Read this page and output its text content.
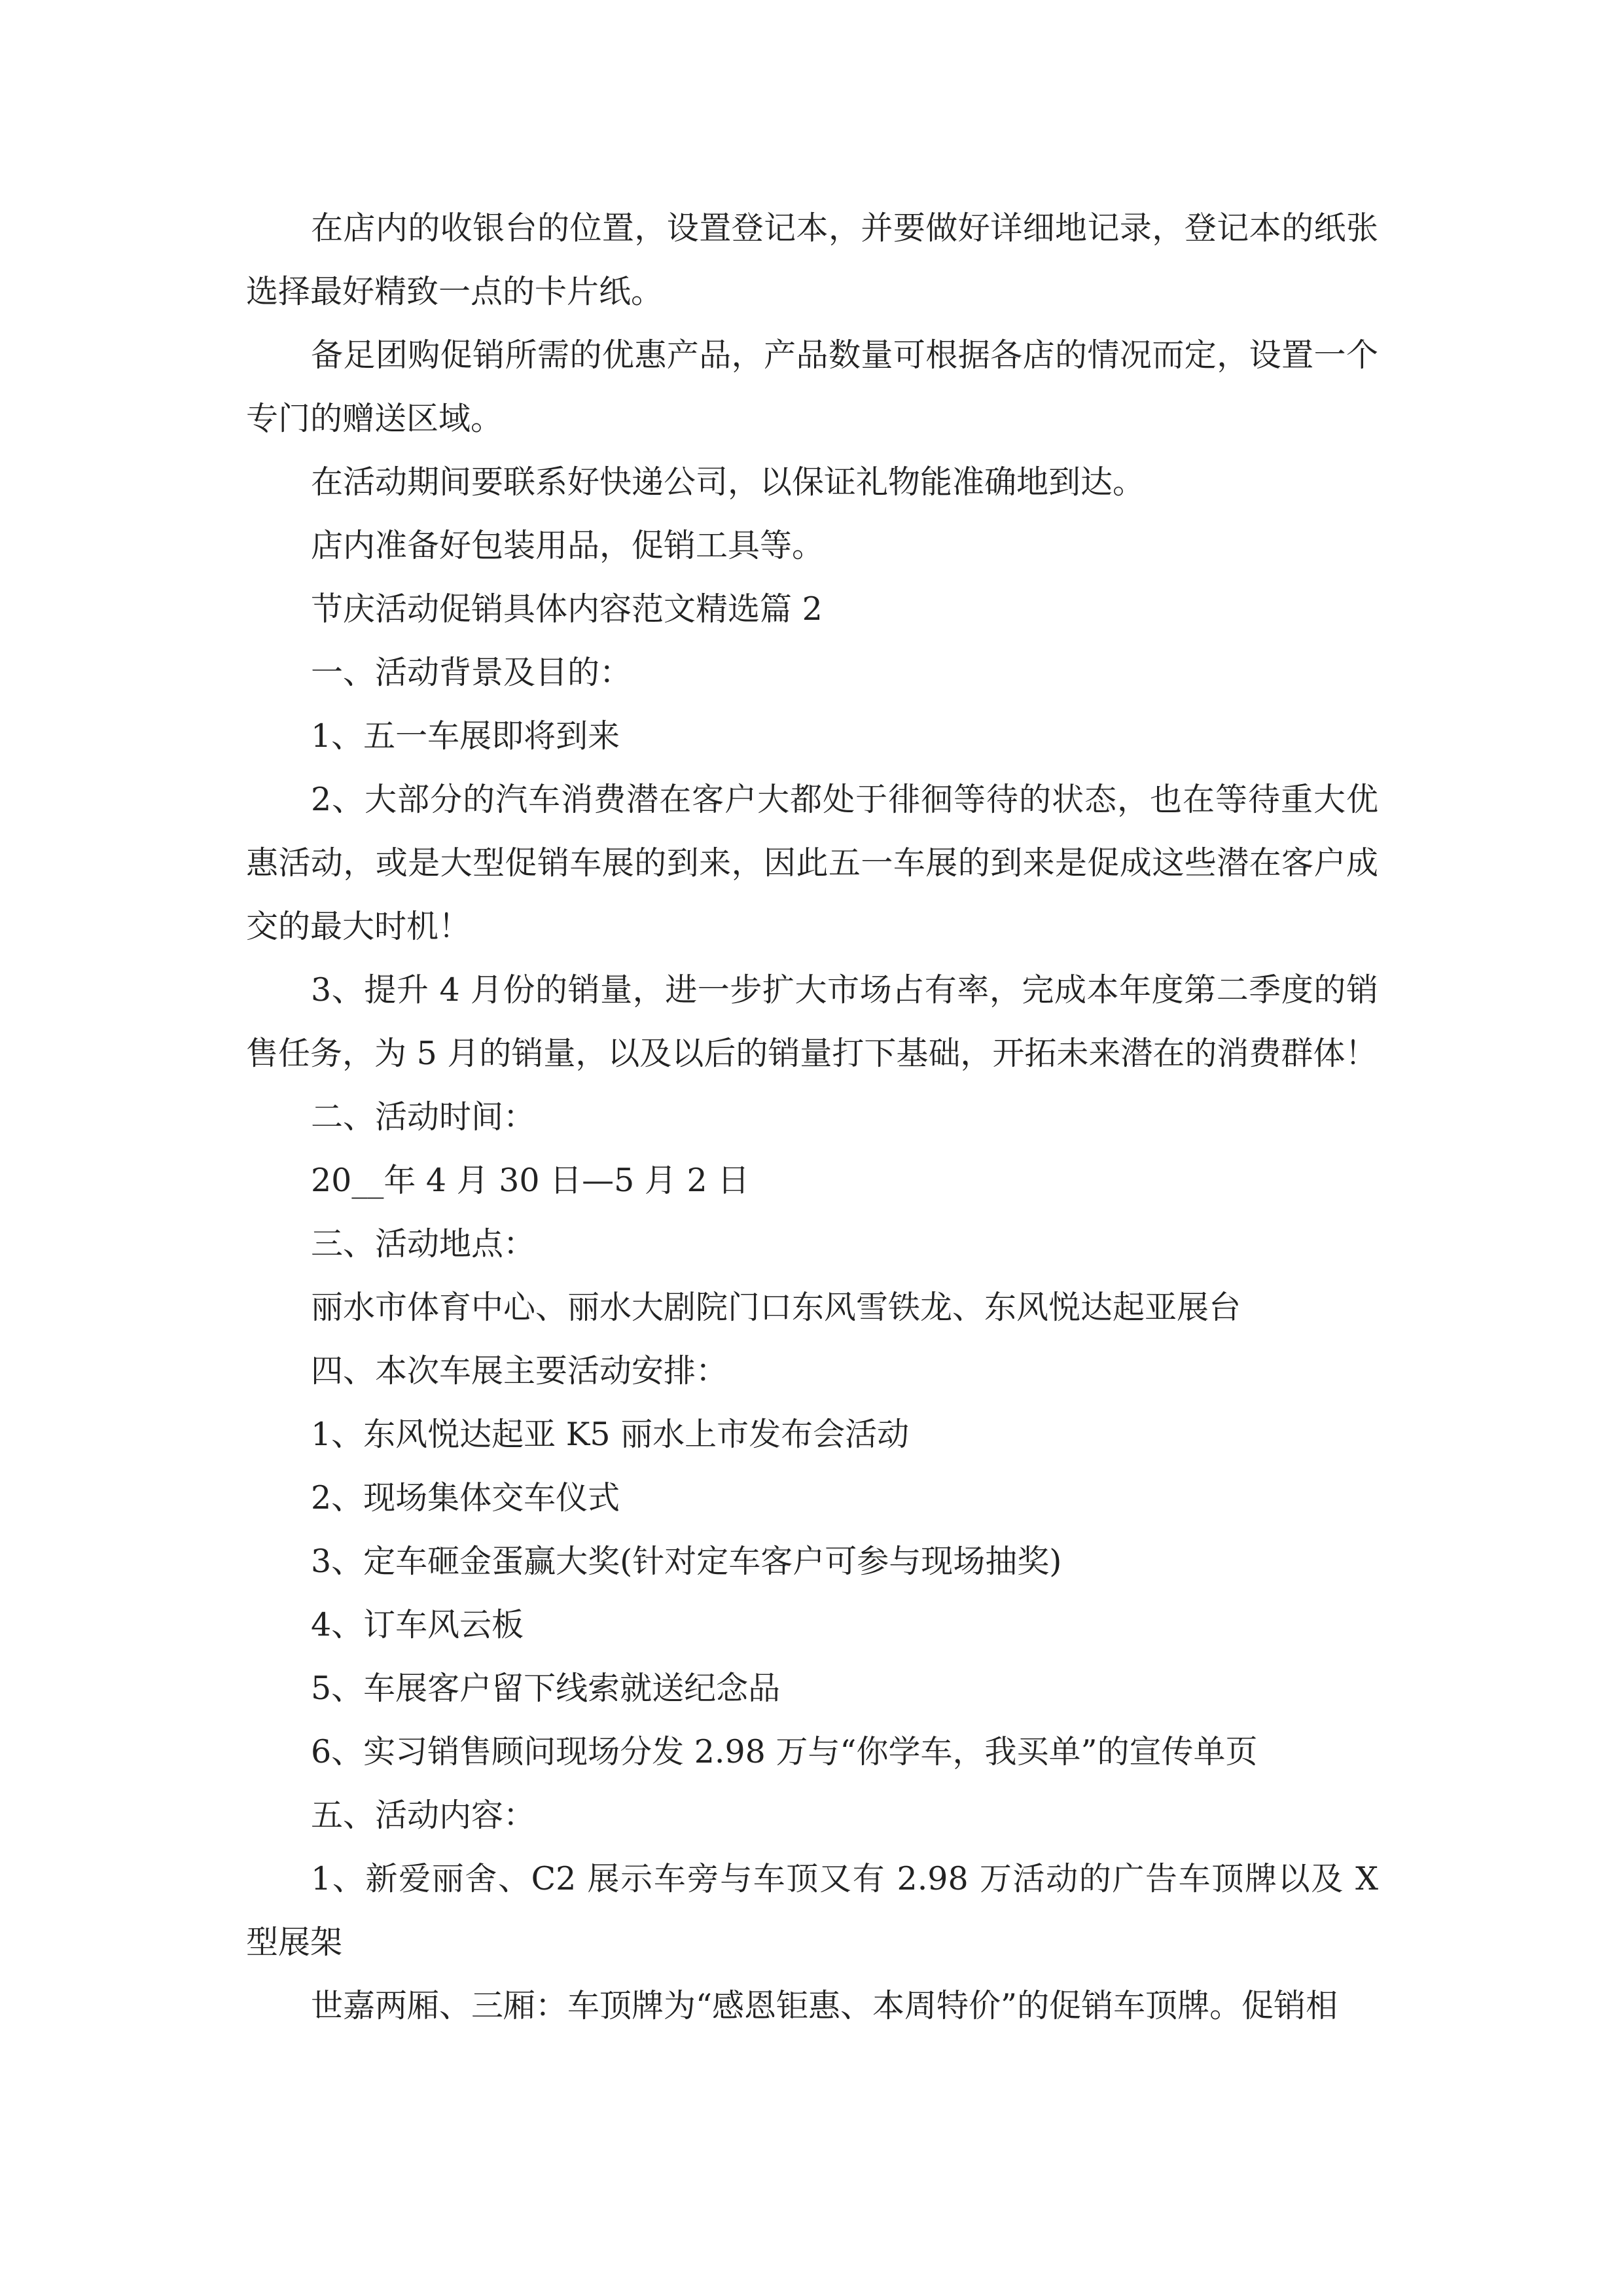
在店内的收银台的位置，设置登记本，并要做好详细地记录，登记本的纸张选择最好精致一点的卡片纸。

备足团购促销所需的优惠产品，产品数量可根据各店的情况而定，设置一个专门的赠送区域。

在活动期间要联系好快递公司，以保证礼物能准确地到达。

店内准备好包装用品，促销工具等。

节庆活动促销具体内容范文精选篇 2

一、活动背景及目的：

1、五一车展即将到来

2、大部分的汽车消费潜在客户大都处于徘徊等待的状态，也在等待重大优惠活动，或是大型促销车展的到来，因此五一车展的到来是促成这些潜在客户成交的最大时机！

3、提升 4 月份的销量，进一步扩大市场占有率，完成本年度第二季度的销售任务，为 5 月的销量，以及以后的销量打下基础，开拓未来潜在的消费群体！

二、活动时间：

20__年 4 月 30 日—5 月 2 日

三、活动地点：

丽水市体育中心、丽水大剧院门口东风雪铁龙、东风悦达起亚展台

四、本次车展主要活动安排：

1、东风悦达起亚 K5 丽水上市发布会活动

2、现场集体交车仪式

3、定车砸金蛋赢大奖(针对定车客户可参与现场抽奖)

4、订车风云板

5、车展客户留下线索就送纪念品

6、实习销售顾问现场分发 2.98 万与“你学车，我买单”的宣传单页

五、活动内容：

1、新爱丽舍、C2 展示车旁与车顶又有 2.98 万活动的广告车顶牌以及 X 型展架

世嘉两厢、三厢：车顶牌为“感恩钜惠、本周特价”的促销车顶牌。促销相
